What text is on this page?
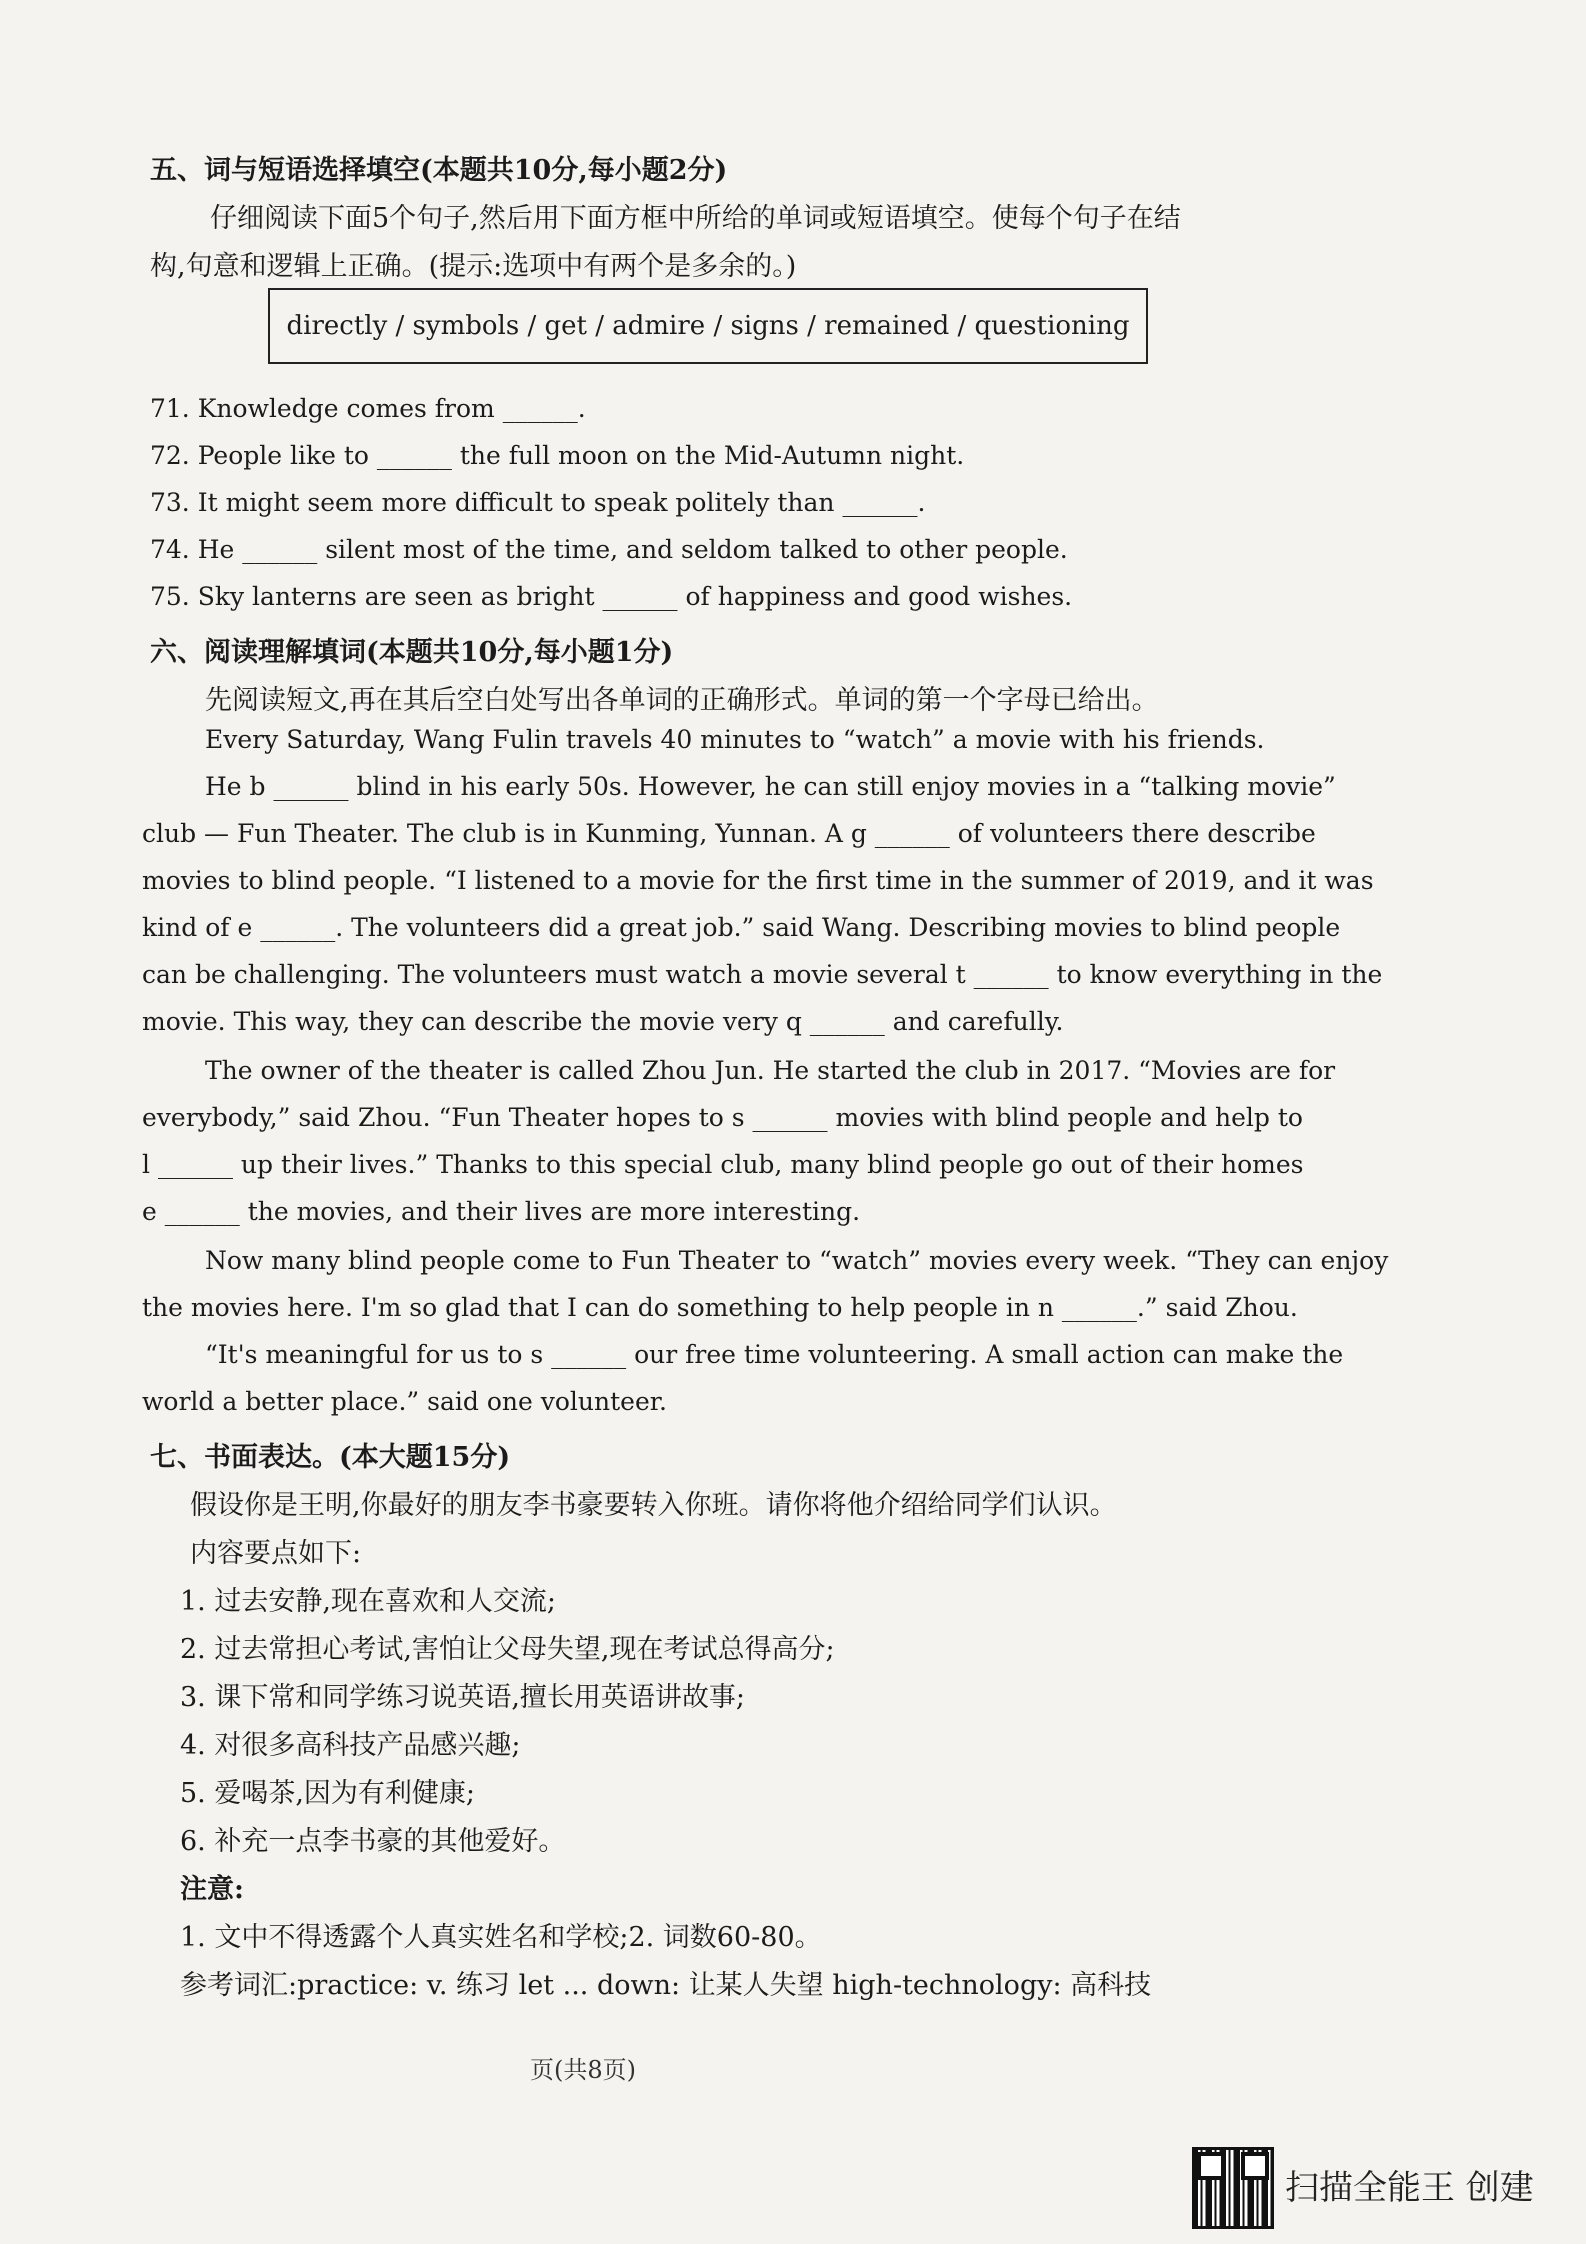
五、词与短语选择填空(本题共10分,每小题2分)
仔细阅读下面5个句子,然后用下面方框中所给的单词或短语填空。使每个句子在结
构,句意和逻辑上正确。(提示:选项中有两个是多余的。)
directly / symbols / get / admire / signs / remained / questioning
71. Knowledge comes from ______.
72. People like to ______ the full moon on the Mid-Autumn night.
73. It might seem more difficult to speak politely than ______.
74. He ______ silent most of the time, and seldom talked to other people.
75. Sky lanterns are seen as bright ______ of happiness and good wishes.
六、阅读理解填词(本题共10分,每小题1分)
先阅读短文,再在其后空白处写出各单词的正确形式。单词的第一个字母已给出。
Every Saturday, Wang Fulin travels 40 minutes to “watch” a movie with his friends.
He b ______ blind in his early 50s. However, he can still enjoy movies in a “talking movie”
club — Fun Theater. The club is in Kunming, Yunnan. A g ______ of volunteers there describe
movies to blind people. “I listened to a movie for the first time in the summer of 2019, and it was
kind of e ______. The volunteers did a great job.” said Wang. Describing movies to blind people
can be challenging. The volunteers must watch a movie several t ______ to know everything in the
movie. This way, they can describe the movie very q ______ and carefully.
The owner of the theater is called Zhou Jun. He started the club in 2017. “Movies are for
everybody,” said Zhou. “Fun Theater hopes to s ______ movies with blind people and help to
l ______ up their lives.” Thanks to this special club, many blind people go out of their homes
e ______ the movies, and their lives are more interesting.
Now many blind people come to Fun Theater to “watch” movies every week. “They can enjoy
the movies here. I'm so glad that I can do something to help people in n ______.” said Zhou.
“It's meaningful for us to s ______ our free time volunteering. A small action can make the
world a better place.” said one volunteer.
七、书面表达。(本大题15分)
假设你是王明,你最好的朋友李书豪要转入你班。请你将他介绍给同学们认识。
内容要点如下:
1. 过去安静,现在喜欢和人交流;
2. 过去常担心考试,害怕让父母失望,现在考试总得高分;
3. 课下常和同学练习说英语,擅长用英语讲故事;
4. 对很多高科技产品感兴趣;
5. 爱喝茶,因为有利健康;
6. 补充一点李书豪的其他爱好。
注意:
1. 文中不得透露个人真实姓名和学校;2. 词数60-80。
参考词汇:practice: v. 练习 let ... down: 让某人失望 high-technology: 高科技
页(共8页)
扫描全能王 创建
